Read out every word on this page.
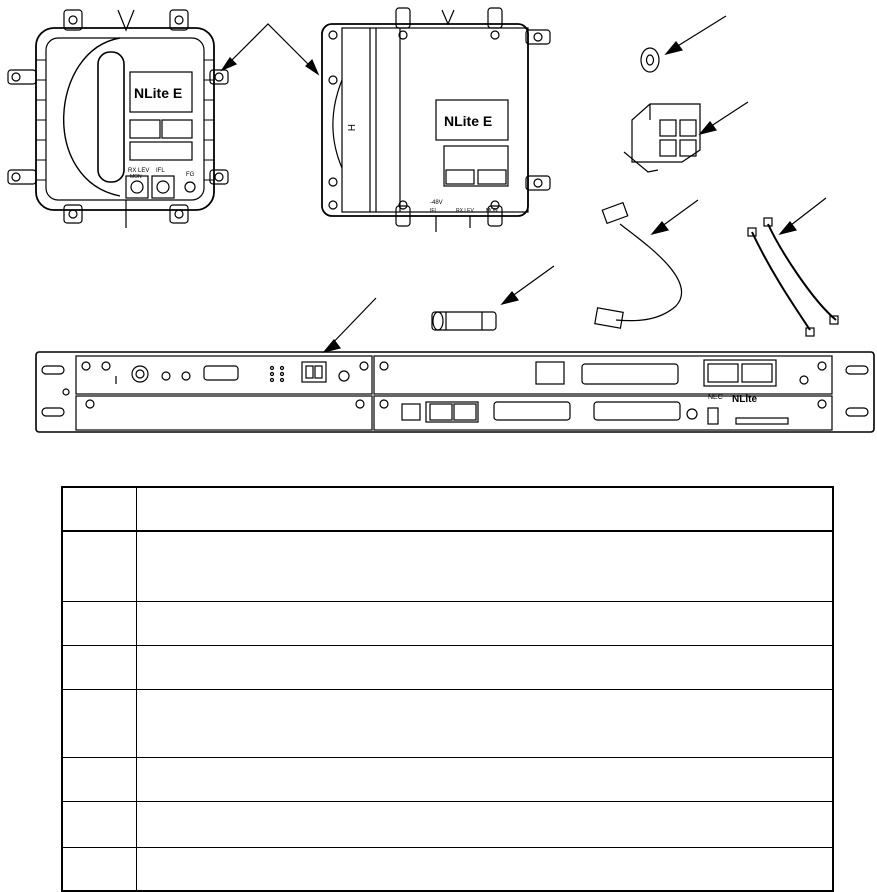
NLite E
RX LEV
MON
IFL
FG
NLite E
H
-48V
IFL	RX LEV MON
NEC NLite
